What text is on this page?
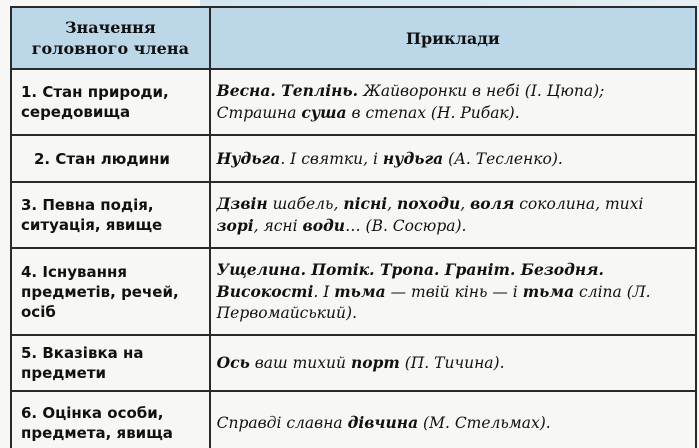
Значення головного члена	Приклади
1. Стан природи, середовища	Весна. Теплінь. Жайворонки в небі (І. Цюпа); Страшна суша в степах (Н. Рибак).
2. Стан людини	Нудьга. І святки, і нудьга (А. Тесленко).
3. Певна подія, ситуація, явище	Дзвін шабель, пісні, походи, воля соколина, тихі зорі, ясні води… (В. Сосюра).
4. Існування предметів, речей, осіб	Ущелина. Потік. Тропа. Граніт. Безодня. Високості. І тьма — твій кінь — і тьма сліпа (Л. Первомайський).
5. Вказівка на предмети	Ось ваш тихий порт (П. Тичина).
6. Оцінка особи, предмета, явища	Справді славна дівчина (М. Стельмах).
